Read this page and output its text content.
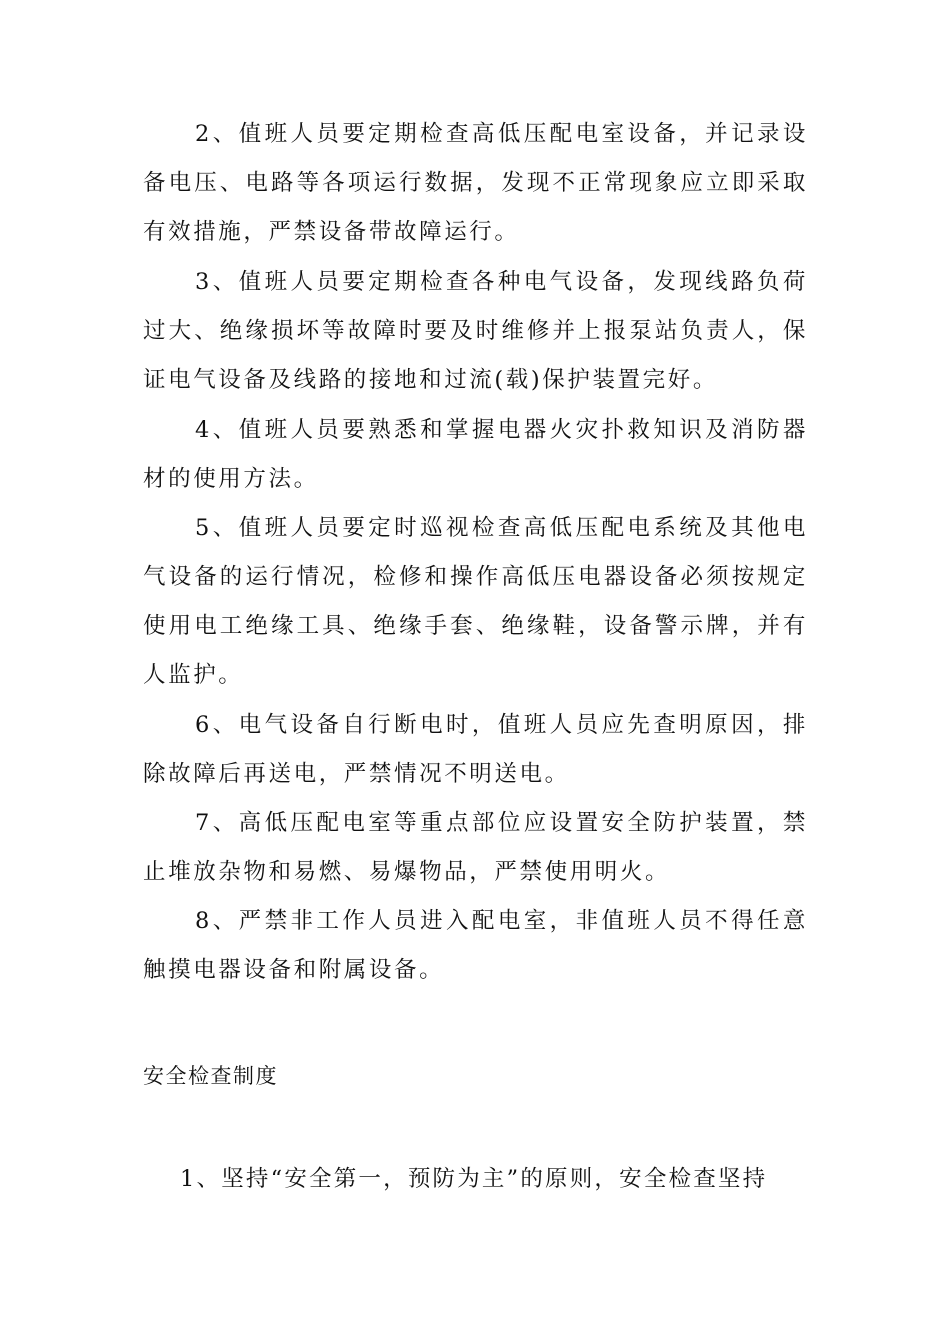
2、值班人员要定期检查高低压配电室设备，并记录设备电压、电路等各项运行数据，发现不正常现象应立即采取有效措施，严禁设备带故障运行。

3、值班人员要定期检查各种电气设备，发现线路负荷过大、绝缘损坏等故障时要及时维修并上报泵站负责人，保证电气设备及线路的接地和过流(载)保护装置完好。

4、值班人员要熟悉和掌握电器火灾扑救知识及消防器材的使用方法。

5、值班人员要定时巡视检查高低压配电系统及其他电气设备的运行情况，检修和操作高低压电器设备必须按规定使用电工绝缘工具、绝缘手套、绝缘鞋，设备警示牌，并有人监护。

6、电气设备自行断电时，值班人员应先查明原因，排除故障后再送电，严禁情况不明送电。

7、高低压配电室等重点部位应设置安全防护装置，禁止堆放杂物和易燃、易爆物品，严禁使用明火。

8、严禁非工作人员进入配电室，非值班人员不得任意触摸电器设备和附属设备。

安全检查制度

1、坚持“安全第一，预防为主”的原则，安全检查坚持
